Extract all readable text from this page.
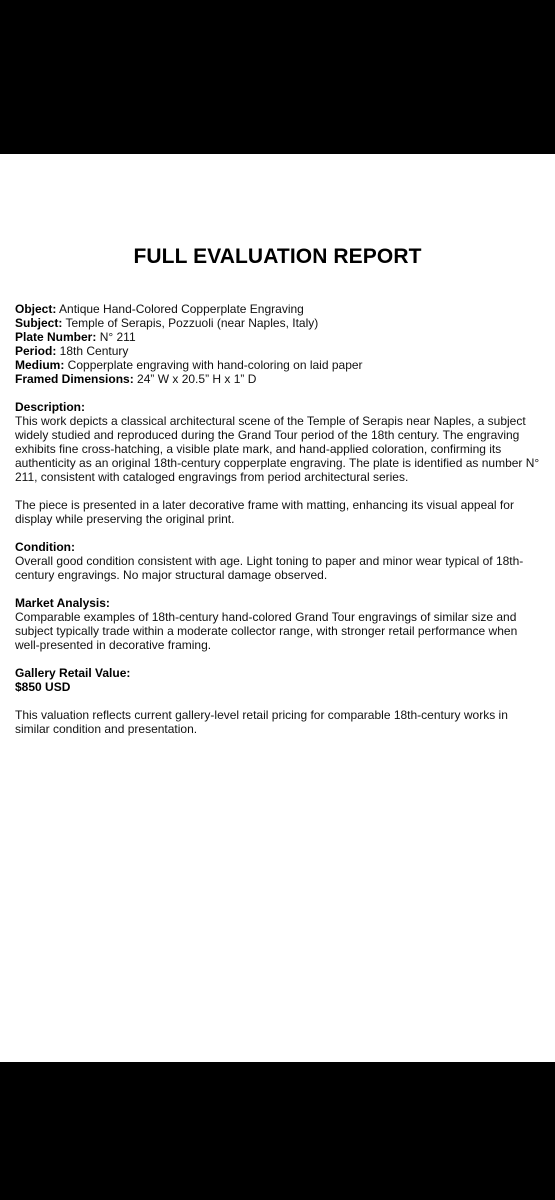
FULL EVALUATION REPORT
Object: Antique Hand-Colored Copperplate Engraving
Subject: Temple of Serapis, Pozzuoli (near Naples, Italy)
Plate Number: N° 211
Period: 18th Century
Medium: Copperplate engraving with hand-coloring on laid paper
Framed Dimensions: 24” W x 20.5” H x 1” D
Description:

This work depicts a classical architectural scene of the Temple of Serapis near Naples, a subject widely studied and reproduced during the Grand Tour period of the 18th century. The engraving exhibits fine cross-hatching, a visible plate mark, and hand-applied coloration, confirming its authenticity as an original 18th-century copperplate engraving. The plate is identified as number N° 211, consistent with cataloged engravings from period architectural series.

The piece is presented in a later decorative frame with matting, enhancing its visual appeal for display while preserving the original print.

Condition:

Overall good condition consistent with age. Light toning to paper and minor wear typical of 18th-century engravings. No major structural damage observed.

Market Analysis:

Comparable examples of 18th-century hand-colored Grand Tour engravings of similar size and subject typically trade within a moderate collector range, with stronger retail performance when well-presented in decorative framing.

Gallery Retail Value:
$850 USD

This valuation reflects current gallery-level retail pricing for comparable 18th-century works in similar condition and presentation.
